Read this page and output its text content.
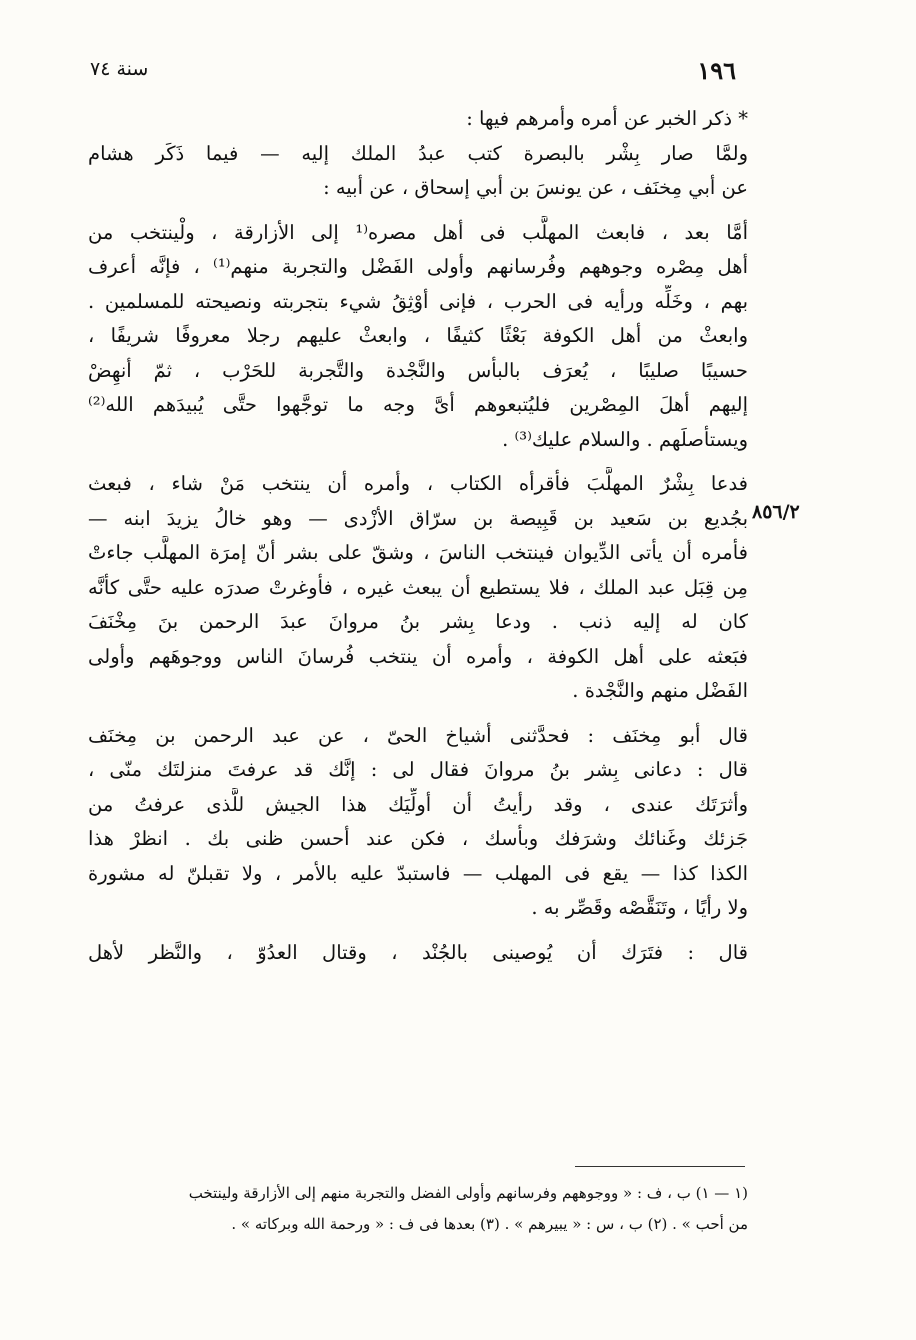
١٩٦
سنة ٧٤
* ذكر الخبر عن أمره وأمرهم فيها :
ولمَّا صار بِشْر بالبصرة كتب عبدُ الملك إليه — فيما ذَكَر هشام
عن أبي مِخنَف ، عن يونسَ بن أبي إسحاق ، عن أبيه :
أمَّا بعد ، فابعث المهلَّب فى أهل مصره⁽¹ إلى الأزارقة ، ولْينتخب من
أهل مِصْره وجوههم وفُرسانهم وأولى الفَضْل والتجربة منهم⁽¹⁾ ، فإنَّه أعرف
بهم ، وخَلِّه ورأيه فى الحرب ، فإنى أوْثِقُ شيء بتجربته ونصيحته للمسلمين .
وابعثْ من أهل الكوفة بَعْثًا كثيفًا ، وابعثْ عليهم رجلا معروفًا شريفًا ،
حسيبًا صليبًا ، يُعرَف بالبأس والنَّجْدة والتَّجربة للحَرْب ، ثمّ أنهِضْ
إليهم أهلَ المِصْرين فليُتبعوهم أىَّ وجه ما توجَّهوا حتَّى يُبيدَهم الله⁽²⁾
ويستأصلَهم . والسلام عليك⁽³⁾ .
فدعا بِشْرٌ المهلَّبَ فأقرأه الكتاب ، وأمره أن ينتخب مَنْ شاء ، فبعث
بجُديع بن سَعيد بن قَبِيصة بن سرّاق الأزْدى — وهو خالُ يزيدَ ابنه —
فأمره أن يأتى الدِّيوان فينتخب الناسَ ، وشقّ على بشر أنّ إمرَة المهلَّب جاءتْ
مِن قِبَل عبد الملك ، فلا يستطيع أن يبعث غيره ، فأوغرتْ صدرَه عليه حتَّى كأنَّه
كان له إليه ذنب . ودعا بِشر بنُ مروانَ عبدَ الرحمن بنَ مِخْنَفَ
فبَعثه على أهل الكوفة ، وأمره أن ينتخب فُرسانَ الناس ووجوهَهم وأولى
الفَضْل منهم والنَّجْدة .
قال أبو مِخنَف : فحدَّثنى أشياخ الحىّ ، عن عبد الرحمن بن مِخنَف
قال : دعانى بِشر بنُ مروانَ فقال لى : إنَّك قد عرفتَ منزلتَك منّى ،
وأثرَتَك عندى ، وقد رأيتُ أن أولِّيَك هذا الجيش للَّذى عرفتُ من
جَزئك وغَنائك وشرَفك وبأسك ، فكن عند أحسن ظنى بك . انظرْ هذا
الكذا كذا — يقع فى المهلب — فاستبدّ عليه بالأمر ، ولا تقبلنّ له مشورة
ولا رأيًا ، وتَنَقَّصْه وقَصِّر به .
قال : فتَرَك أن يُوصينى بالجُنْد ، وقتال العدُوّ ، والنَّظر لأهل
٨٥٦/٢
(١ — ١) ب ، ف : « ووجوههم وفرسانهم وأولى الفضل والتجربة منهم إلى الأزارقة ولينتخب
من أحب » . (٢) ب ، س : « يبيرهم » . (٣) بعدها فى ف : « ورحمة الله وبركاته » .
